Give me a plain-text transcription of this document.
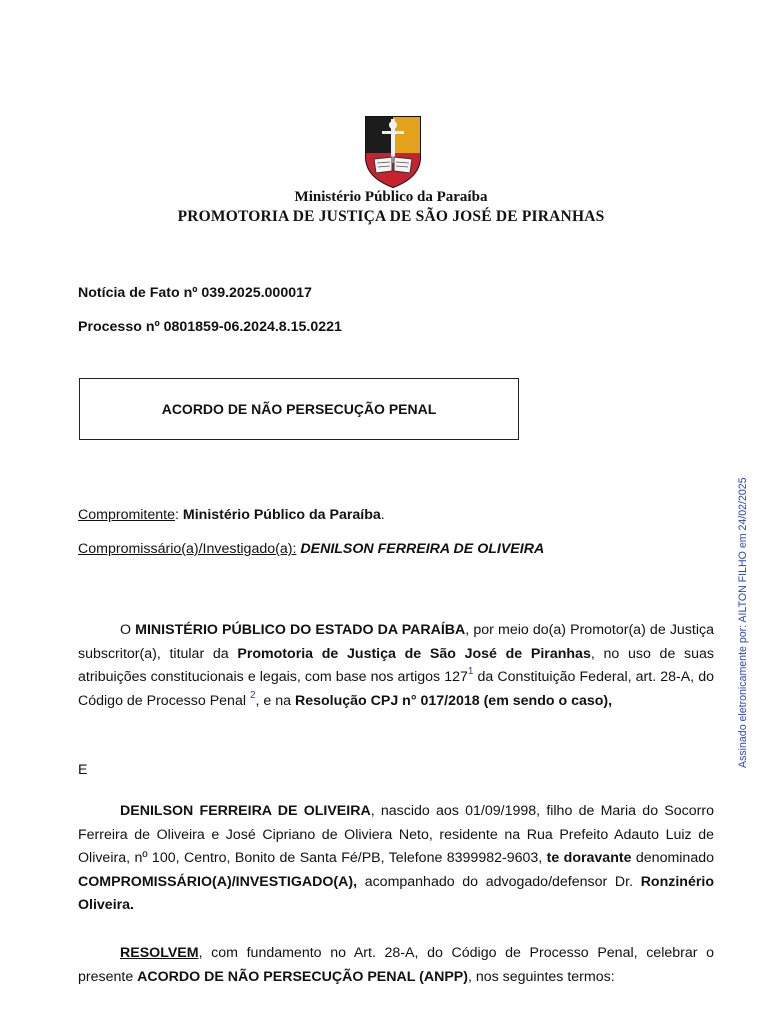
Ministério Público da Paraíba
PROMOTORIA DE JUSTIÇA DE SÃO JOSÉ DE PIRANHAS
Notícia de Fato nº 039.2025.000017
Processo nº 0801859-06.2024.8.15.0221
ACORDO DE NÃO PERSECUÇÃO PENAL
Compromitente: Ministério Público da Paraíba.
Compromissário(a)/Investigado(a): DENILSON FERREIRA DE OLIVEIRA

O MINISTÉRIO PÚBLICO DO ESTADO DA PARAÍBA, por meio do(a) Promotor(a) de Justiça subscritor(a), titular da Promotoria de Justiça de São José de Piranhas, no uso de suas atribuições constitucionais e legais, com base nos artigos $127^1$ da Constituição Federal, art. 28-A, do Código de Processo Penal $^2$, e na Resolução CPJ n° 017/2018 (em sendo o caso),

E

DENILSON FERREIRA DE OLIVEIRA, nascido aos 01/09/1998, filho de Maria do Socorro Ferreira de Oliveira e José Cipriano de Oliviera Neto, residente na Rua Prefeito Adauto Luiz de Oliveira, nº 100, Centro, Bonito de Santa Fé/PB, Telefone 8399982-9603, te doravante denominado COMPROMISSÁRIO(A)/INVESTIGADO(A), acompanhado do advogado/defensor Dr. Ronzinério Oliveira.

RESOLVEM, com fundamento no Art. 28-A, do Código de Processo Penal, celebrar o presente ACORDO DE NÃO PERSECUÇÃO PENAL (ANPP), nos seguintes termos:

Assinado eletronicamente por: AILTON FILHO em 24/02/2025
